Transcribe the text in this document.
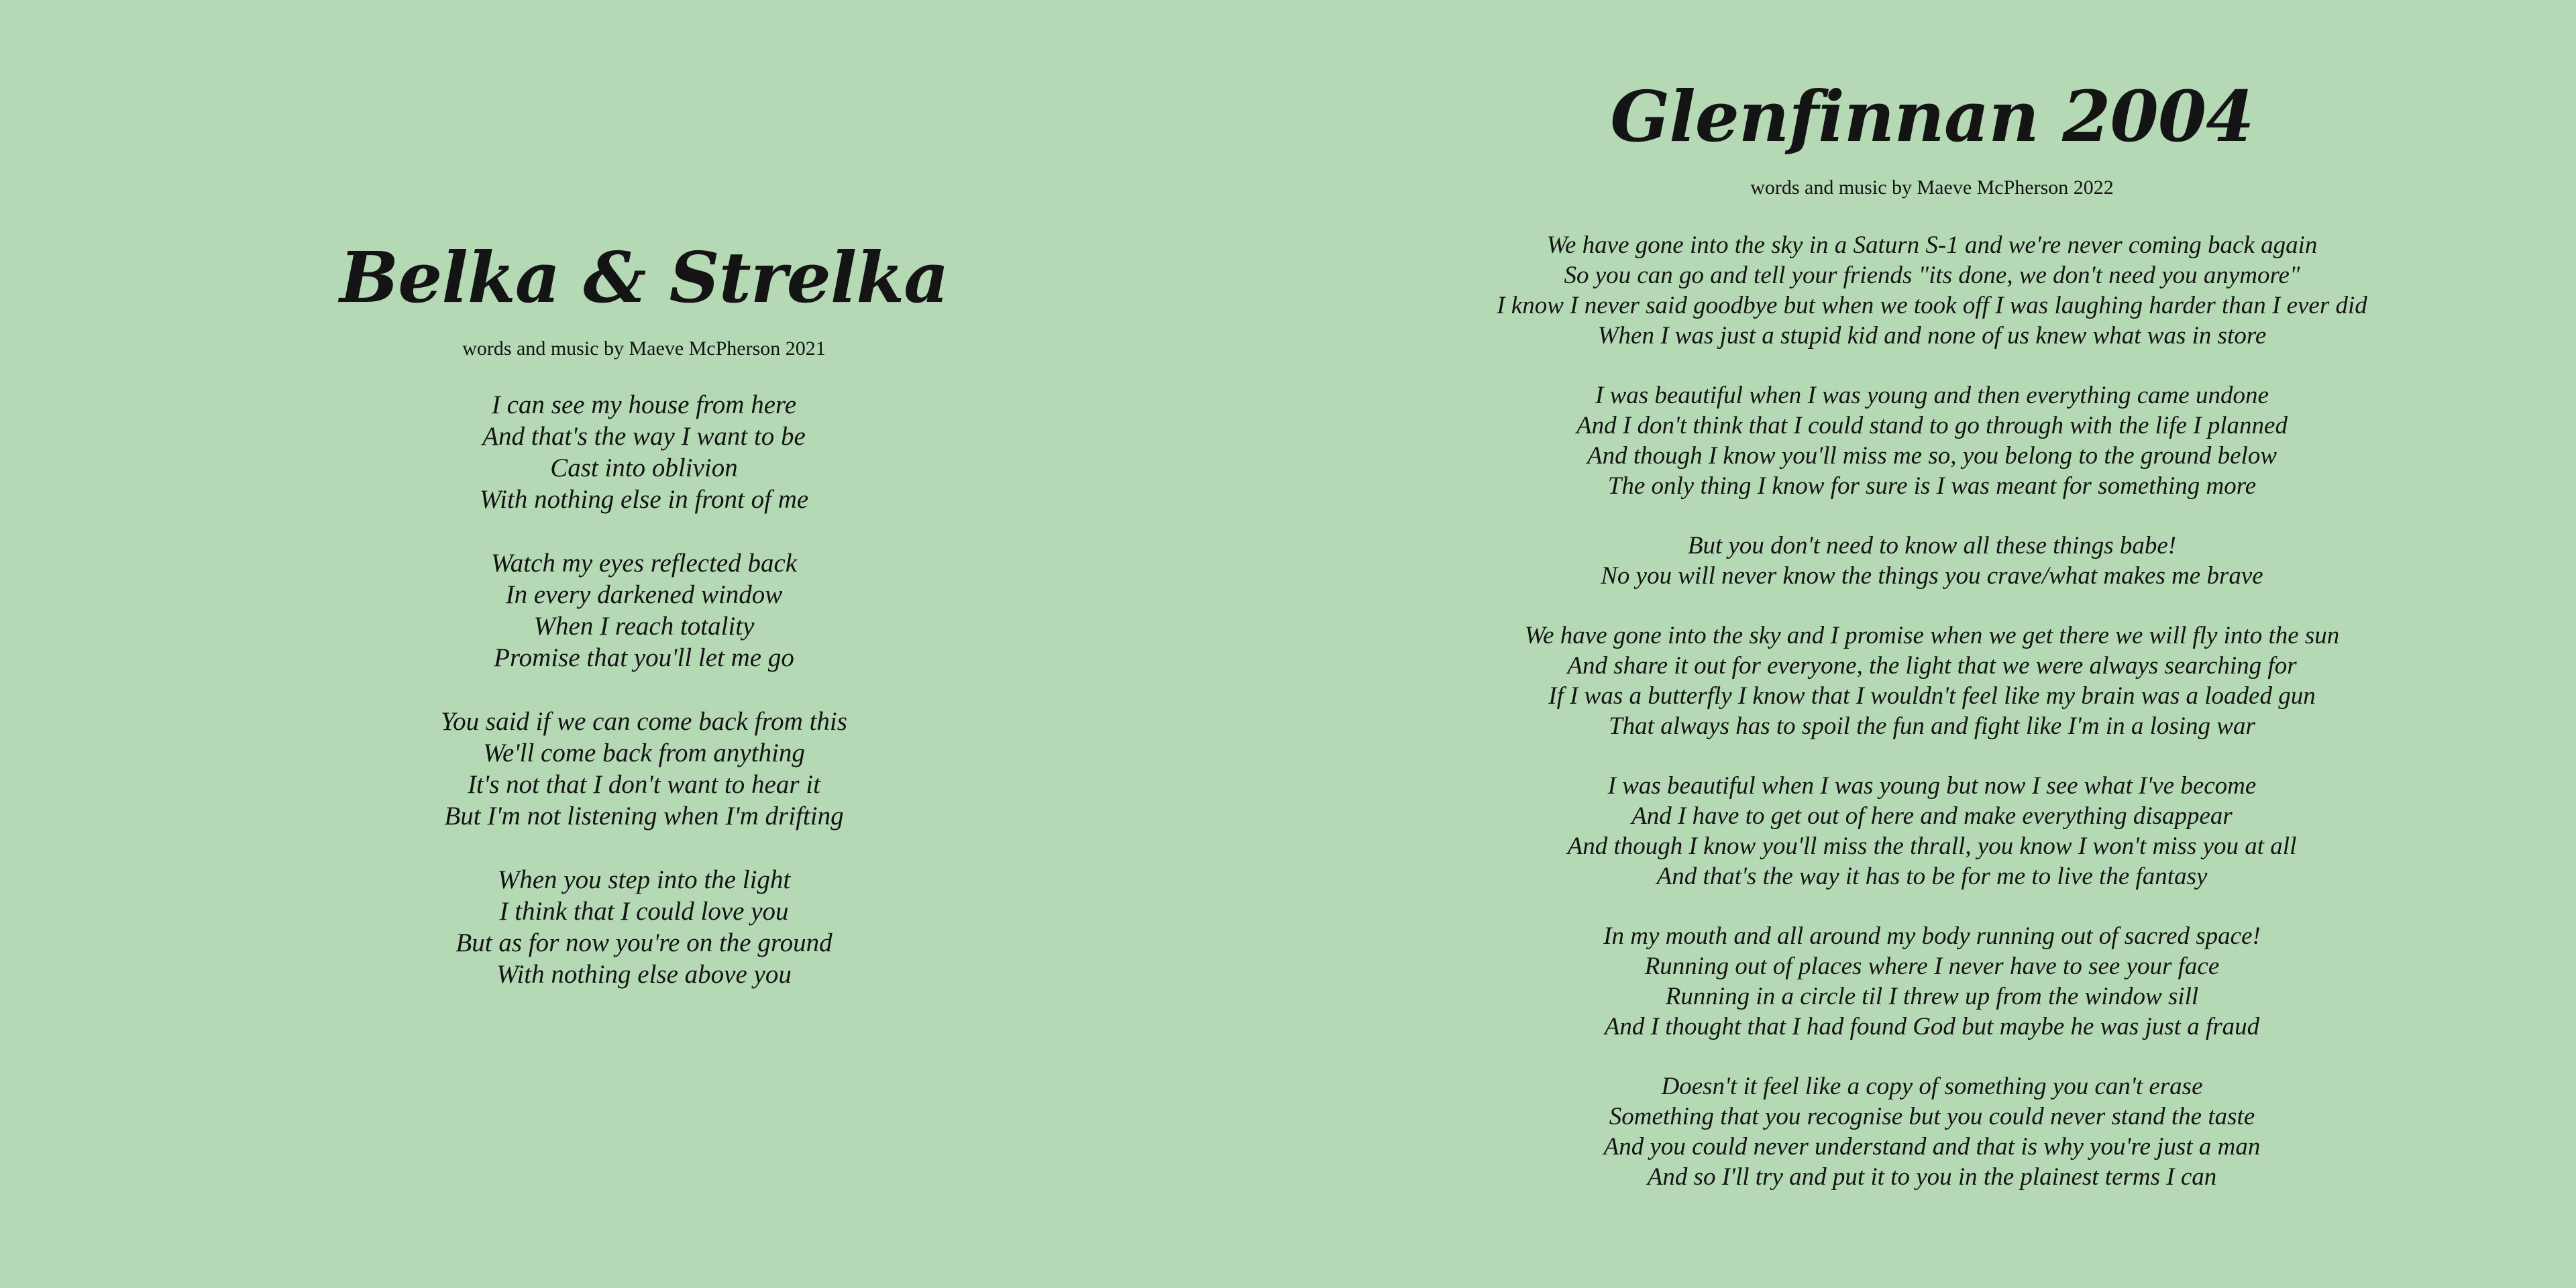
Belka & Strelka

words and music by Maeve McPherson 2021

I can see my house from here
And that's the way I want to be
Cast into oblivion
With nothing else in front of me
Watch my eyes reflected back
In every darkened window
When I reach totality
Promise that you'll let me go
You said if we can come back from this
We'll come back from anything
It's not that I don't want to hear it
But I'm not listening when I'm drifting
When you step into the light
I think that I could love you
But as for now you're on the ground
With nothing else above you
Glenfinnan 2004

words and music by Maeve McPherson 2022

We have gone into the sky in a Saturn S-1 and we're never coming back again
So you can go and tell your friends "its done, we don't need you anymore"
I know I never said goodbye but when we took off I was laughing harder than I ever did
When I was just a stupid kid and none of us knew what was in store
I was beautiful when I was young and then everything came undone
And I don't think that I could stand to go through with the life I planned
And though I know you'll miss me so, you belong to the ground below
The only thing I know for sure is I was meant for something more
But you don't need to know all these things babe!
No you will never know the things you crave/what makes me brave
We have gone into the sky and I promise when we get there we will fly into the sun
And share it out for everyone, the light that we were always searching for
If I was a butterfly I know that I wouldn't feel like my brain was a loaded gun
That always has to spoil the fun and fight like I'm in a losing war
I was beautiful when I was young but now I see what I've become
And I have to get out of here and make everything disappear
And though I know you'll miss the thrall, you know I won't miss you at all
And that's the way it has to be for me to live the fantasy
In my mouth and all around my body running out of sacred space!
Running out of places where I never have to see your face
Running in a circle til I threw up from the window sill
And I thought that I had found God but maybe he was just a fraud
Doesn't it feel like a copy of something you can't erase
Something that you recognise but you could never stand the taste
And you could never understand and that is why you're just a man
And so I'll try and put it to you in the plainest terms I can
